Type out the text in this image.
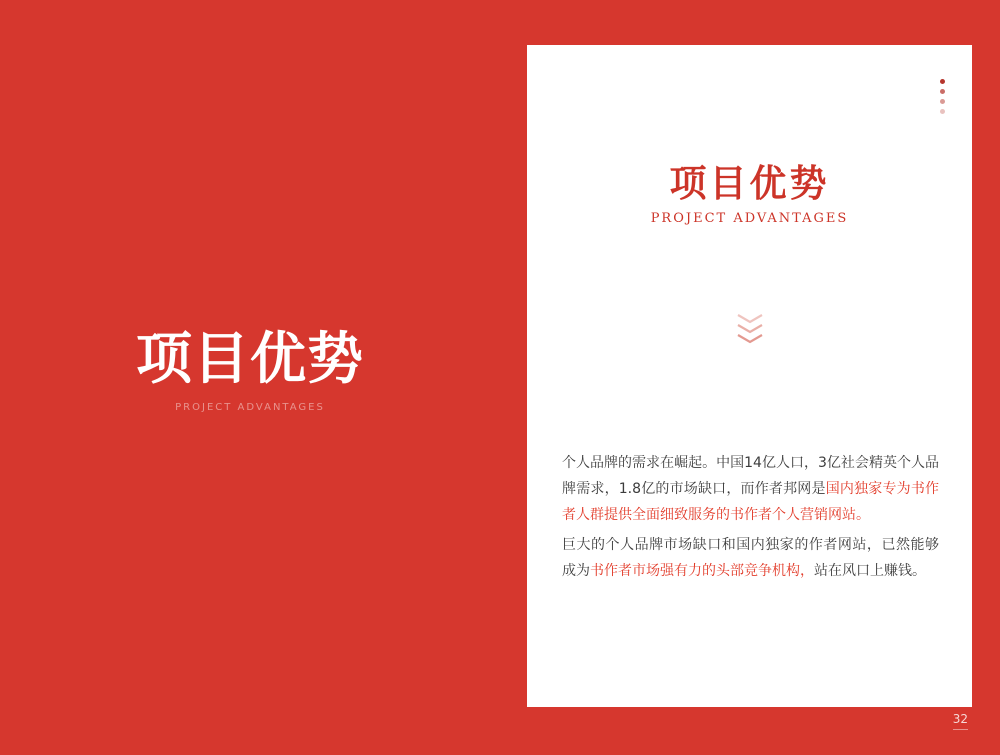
项目优势
PROJECT ADVANTAGES
项目优势
PROJECT ADVANTAGES

个人品牌的需求在崛起。中国14亿人口，3亿社会精英个人品牌需求，1.8亿的市场缺口，而作者邦网是国内独家专为书作者人群提供全面细致服务的书作者个人营销网站。

巨大的个人品牌市场缺口和国内独家的作者网站，已然能够成为书作者市场强有力的头部竞争机构，站在风口上赚钱。

32
